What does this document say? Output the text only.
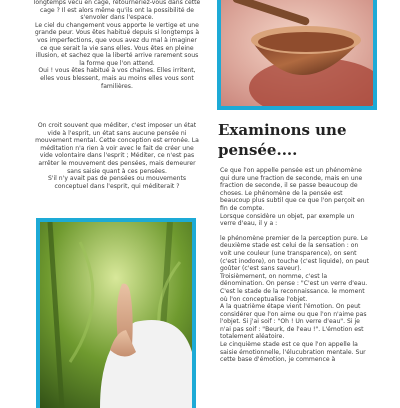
longtemps vécu en cage, retourneriez-vous dans cette cage ? Il est alors même qu'ils ont la possibilité de s'envoler dans l'espace.

Le ciel du changement vous apporte le vertige et une grande peur. Vous êtes habitué depuis si longtemps à vos imperfections, que vous avez du mal à imaginer ce que serait la vie sans elles. Vous êtes en pleine illusion, et sachez que la liberté arrive rarement sous la forme que l'on attend.

Oui ! vous êtes habitué à vos chaînes. Elles irritent, elles vous blessent, mais au moins elles vous sont familières.

On croit souvent que méditer, c'est imposer un état vide à l'esprit, un état sans aucune pensée ni mouvement mental. Cette conception est erronée. La méditation n'a rien à voir avec le fait de créer une vide volontaire dans l'esprit ; Méditer, ce n'est pas arrêter le mouvement des pensées, mais demeurer sans saisie quant à ces pensées.

S'il n'y avait pas de pensées ou mouvements conceptuel dans l'esprit, qui méditerait ?

Examinons une pensée....

Ce que l'on appelle pensée est un phénomène qui dure une fraction de seconde, mais en une fraction de seconde, il se passe beaucoup de choses. Le phénomène de la pensée est beaucoup plus subtil que ce que l'on perçoit en fin de compte.

Lorsque considère un objet, par exemple un verre d'eau, il y a :

le phénomène premier de la perception pure. Le deuxième stade est celui de la sensation : on voit une couleur (une transparence), on sent (c'est inodore), on touche (c'est liquide), on peut goûter (c'est sans saveur).

Troisièmement, on nomme, c'est la dénomination. On pense : "C'est un verre d'eau. C'est le stade de la reconnaissance. le moment où l'on conceptualise l'objet.

A la quatrième étape vient l'émotion. On peut considérer que l'on aime ou que l'on n'aime pas l'objet. Si j'ai soif : "Oh ! Un verre d'eau". Si je n'ai pas soif : "Beurk, de l'eau !". L'émotion est totalement aléatoire.

Le cinquième stade est ce que l'on appelle la saisie émotionnelle, l'élucubration mentale. Sur cette base d'émotion, je commence à
